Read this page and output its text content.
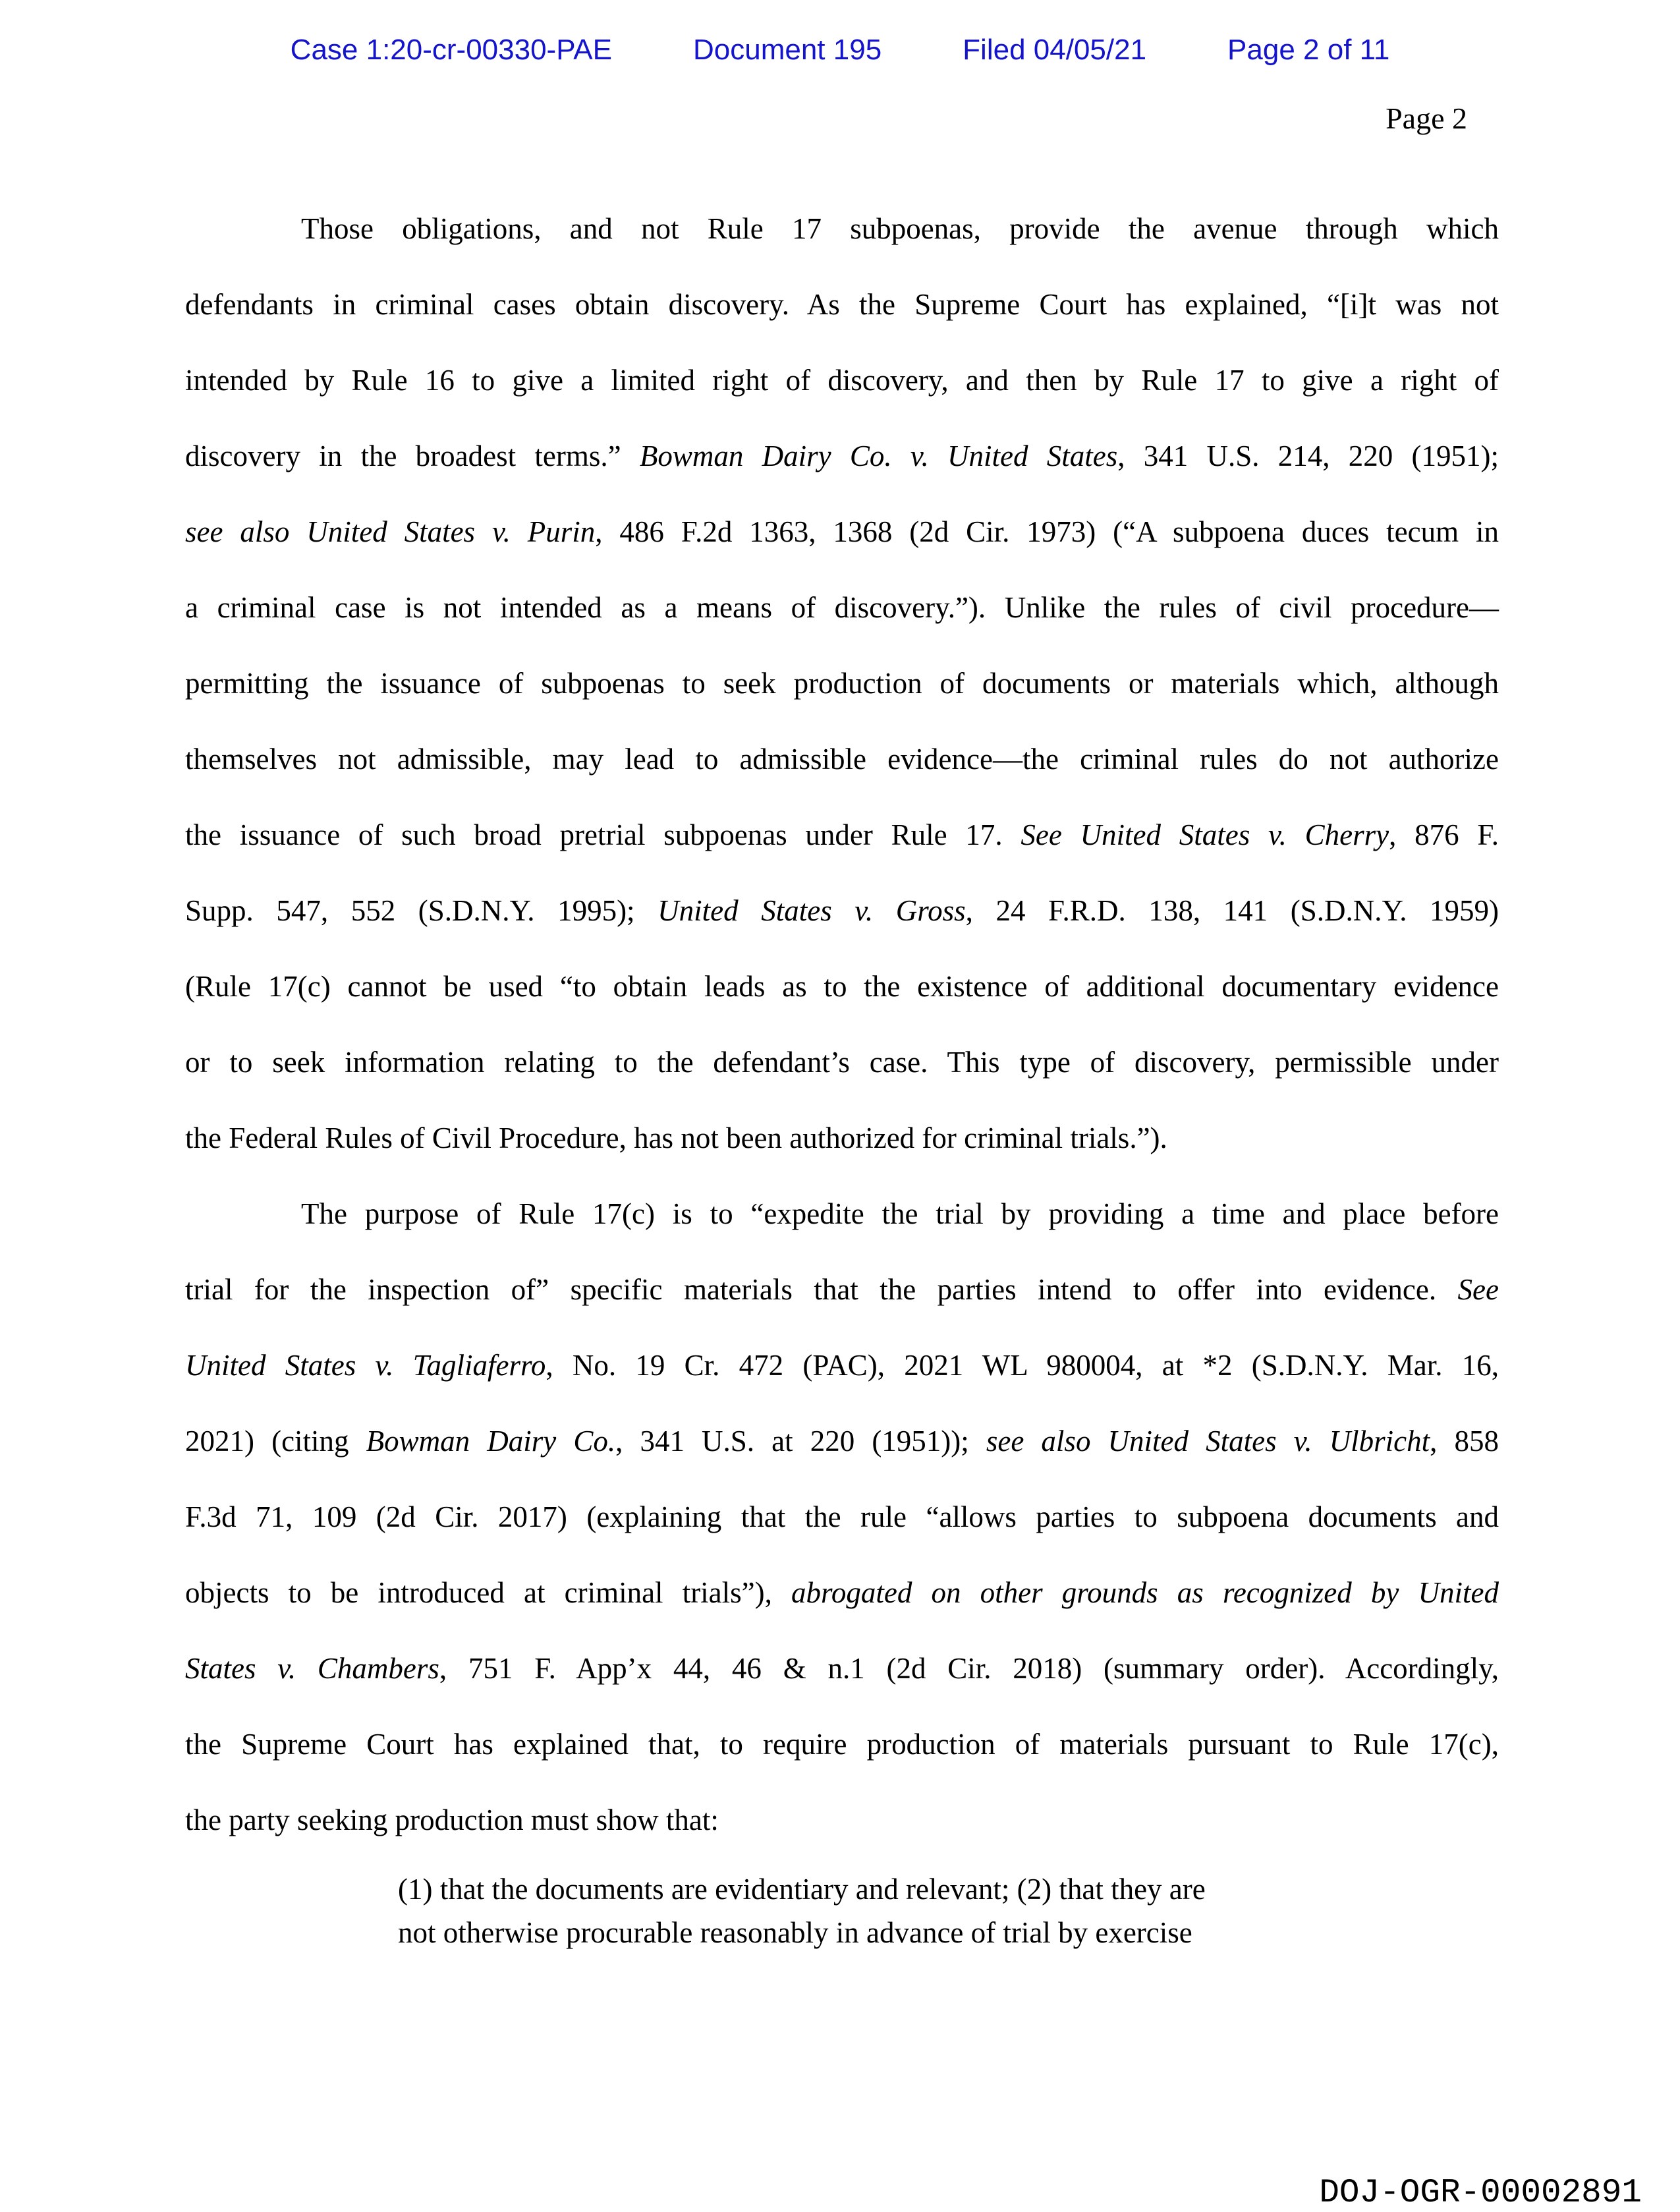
Case 1:20-cr-00330-PAE	Document 195	Filed 04/05/21	Page 2 of 11
Page 2
Those obligations, and not Rule 17 subpoenas, provide the avenue through which
defendants in criminal cases obtain discovery. As the Supreme Court has explained, “[i]t was not
intended by Rule 16 to give a limited right of discovery, and then by Rule 17 to give a right of
discovery in the broadest terms.” Bowman Dairy Co. v. United States, 341 U.S. 214, 220 (1951);
see also United States v. Purin, 486 F.2d 1363, 1368 (2d Cir. 1973) (“A subpoena duces tecum in
a criminal case is not intended as a means of discovery.”). Unlike the rules of civil procedure—
permitting the issuance of subpoenas to seek production of documents or materials which, although
themselves not admissible, may lead to admissible evidence—the criminal rules do not authorize
the issuance of such broad pretrial subpoenas under Rule 17. See United States v. Cherry, 876 F.
Supp. 547, 552 (S.D.N.Y. 1995); United States v. Gross, 24 F.R.D. 138, 141 (S.D.N.Y. 1959)
(Rule 17(c) cannot be used “to obtain leads as to the existence of additional documentary evidence
or to seek information relating to the defendant’s case. This type of discovery, permissible under
the Federal Rules of Civil Procedure, has not been authorized for criminal trials.”).
The purpose of Rule 17(c) is to “expedite the trial by providing a time and place before
trial for the inspection of” specific materials that the parties intend to offer into evidence. See
United States v. Tagliaferro, No. 19 Cr. 472 (PAC), 2021 WL 980004, at *2 (S.D.N.Y. Mar. 16,
2021) (citing Bowman Dairy Co., 341 U.S. at 220 (1951)); see also United States v. Ulbricht, 858
F.3d 71, 109 (2d Cir. 2017) (explaining that the rule “allows parties to subpoena documents and
objects to be introduced at criminal trials”), abrogated on other grounds as recognized by United
States v. Chambers, 751 F. App’x 44, 46 & n.1 (2d Cir. 2018) (summary order). Accordingly,
the Supreme Court has explained that, to require production of materials pursuant to Rule 17(c),
the party seeking production must show that:
(1) that the documents are evidentiary and relevant; (2) that they are
not otherwise procurable reasonably in advance of trial by exercise
DOJ-OGR-00002891
